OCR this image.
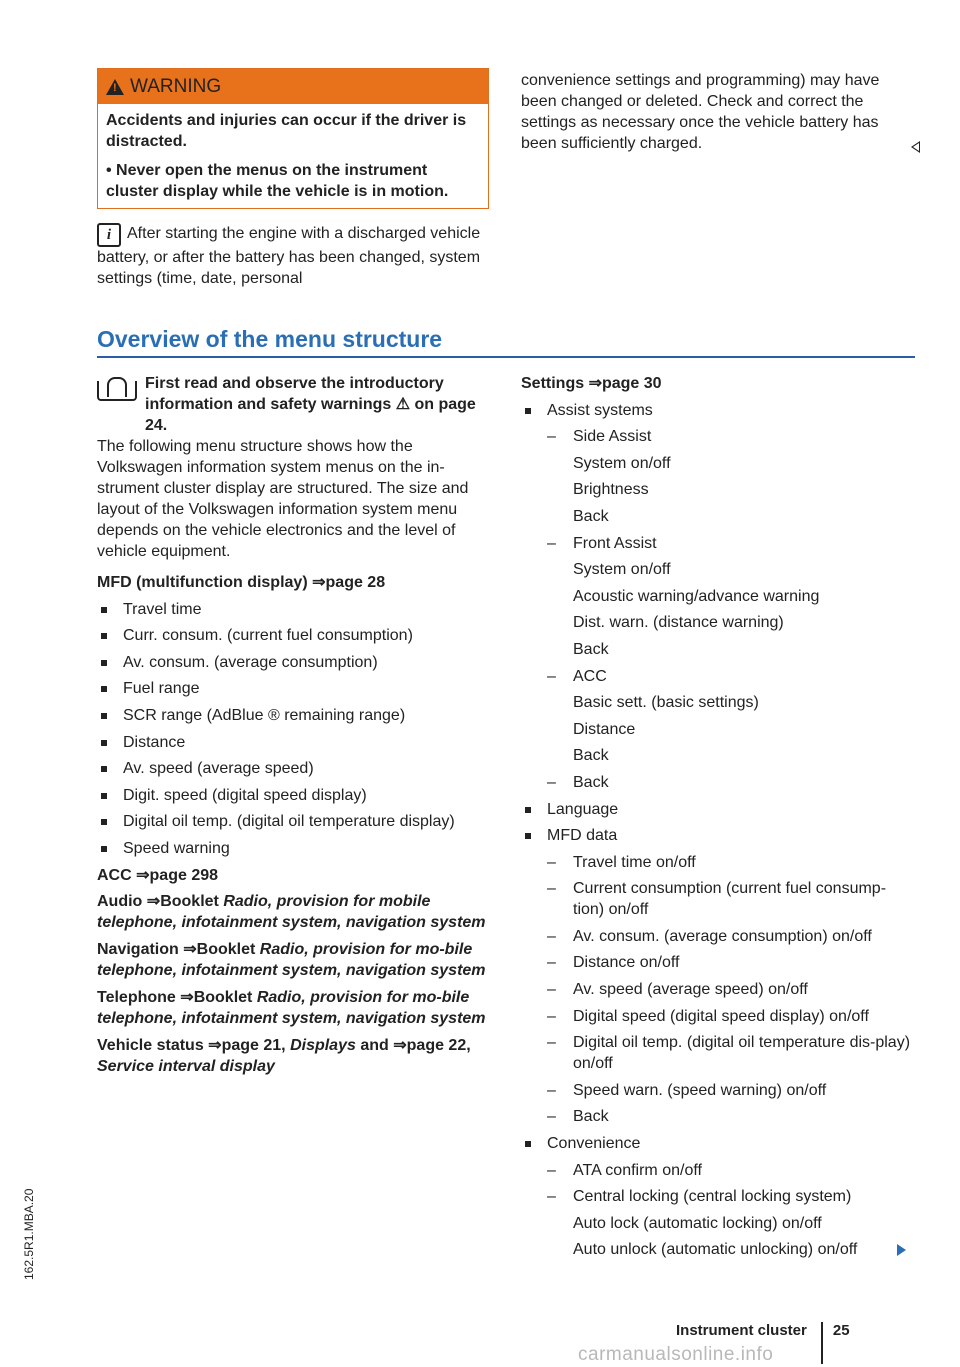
!
WARNING

Accidents and injuries can occur if the driver is distracted.

• Never open the menus on the instrument cluster display while the vehicle is in motion.

i After starting the engine with a discharged vehicle battery, or after the battery has been changed, system settings (time, date, personal

convenience settings and programming) may have been changed or deleted. Check and correct the settings as necessary once the vehicle battery has been sufficiently charged.

Overview of the menu structure
First read and observe the introductory information and safety warnings ⚠ on page 24.

The following menu structure shows how the Volkswagen information system menus on the in-strument cluster display are structured. The size and layout of the Volkswagen information system menu depends on the vehicle electronics and the level of vehicle equipment.

MFD (multifunction display) ⇒page 28

Travel time
Curr. consum. (current fuel consumption)
Av. consum. (average consumption)
Fuel range
SCR range (AdBlue ® remaining range)
Distance
Av. speed (average speed)
Digit. speed (digital speed display)
Digital oil temp. (digital oil temperature display)
Speed warning

ACC ⇒page 298

Audio ⇒Booklet Radio, provision for mobile telephone, infotainment system, navigation system

Navigation ⇒Booklet Radio, provision for mo-bile telephone, infotainment system, navigation system

Telephone ⇒Booklet Radio, provision for mo-bile telephone, infotainment system, navigation system

Vehicle status ⇒page 21, Displays and ⇒page 22, Service interval display

Settings ⇒page 30

Assist systems
– Side Assist
System on/off
Brightness
Back
– Front Assist
System on/off
Acoustic warning/advance warning
Dist. warn. (distance warning)
Back
– ACC
Basic sett. (basic settings)
Distance
Back
– Back
Language
MFD data
– Travel time on/off
– Current consumption (current fuel consump-tion) on/off
– Av. consum. (average consumption) on/off
– Distance on/off
– Av. speed (average speed) on/off
– Digital speed (digital speed display) on/off
– Digital oil temp. (digital oil temperature dis-play) on/off
– Speed warn. (speed warning) on/off
– Back
Convenience
– ATA confirm on/off
– Central locking (central locking system)
Auto lock (automatic locking) on/off
Auto unlock (automatic unlocking) on/off
162.5R1.MBA.20
Instrument cluster 25
carmanualsonline.info
